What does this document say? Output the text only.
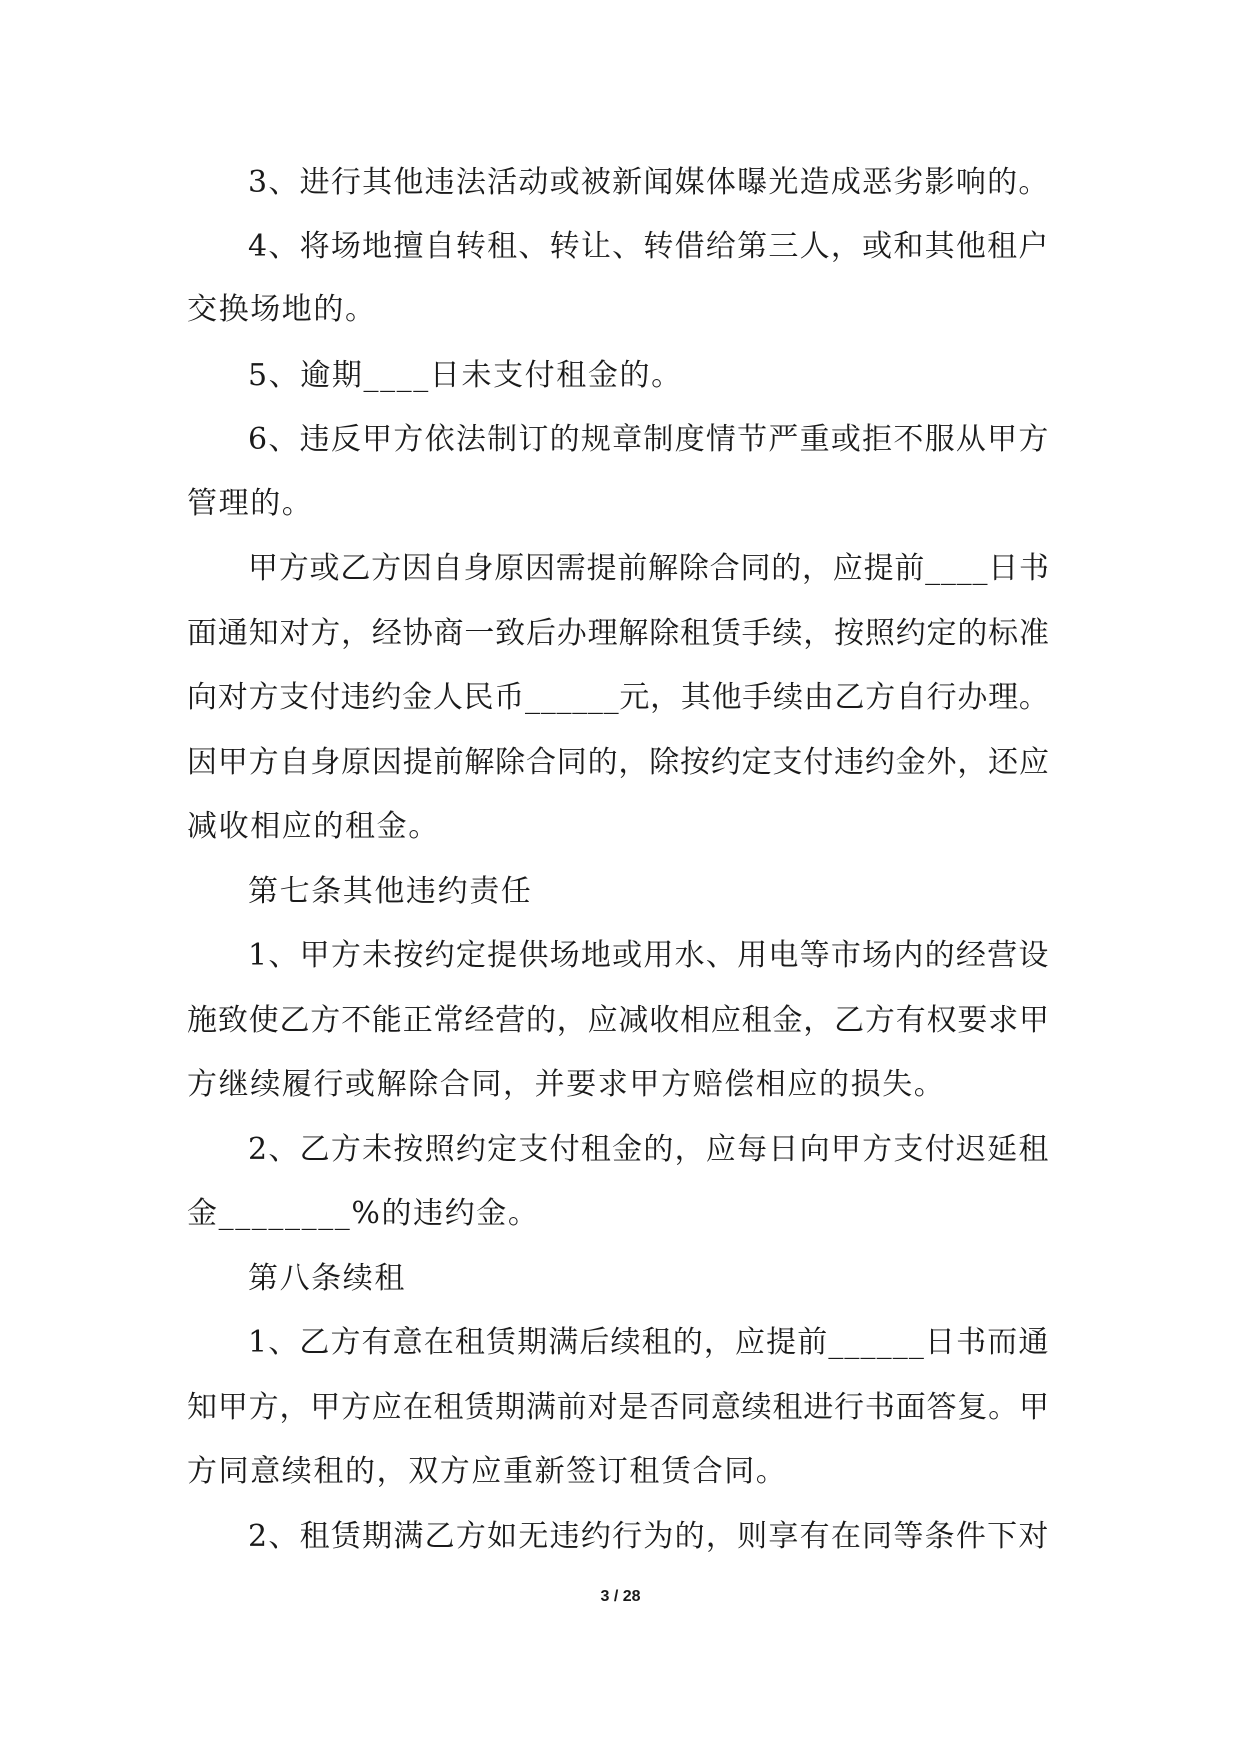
3、进行其他违法活动或被新闻媒体曝光造成恶劣影响的。
4、将场地擅自转租、转让、转借给第三人，或和其他租户
交换场地的。
5、逾期____日未支付租金的。
6、违反甲方依法制订的规章制度情节严重或拒不服从甲方
管理的。
甲方或乙方因自身原因需提前解除合同的，应提前____日书
面通知对方，经协商一致后办理解除租赁手续，按照约定的标准
向对方支付违约金人民币______元，其他手续由乙方自行办理。
因甲方自身原因提前解除合同的，除按约定支付违约金外，还应
减收相应的租金。
第七条其他违约责任
1、甲方未按约定提供场地或用水、用电等市场内的经营设
施致使乙方不能正常经营的，应减收相应租金，乙方有权要求甲
方继续履行或解除合同，并要求甲方赔偿相应的损失。
2、乙方未按照约定支付租金的，应每日向甲方支付迟延租
金________%的违约金。
第八条续租
1、乙方有意在租赁期满后续租的，应提前______日书而通
知甲方，甲方应在租赁期满前对是否同意续租进行书面答复。甲
方同意续租的，双方应重新签订租赁合同。
2、租赁期满乙方如无违约行为的，则享有在同等条件下对
3 / 28
